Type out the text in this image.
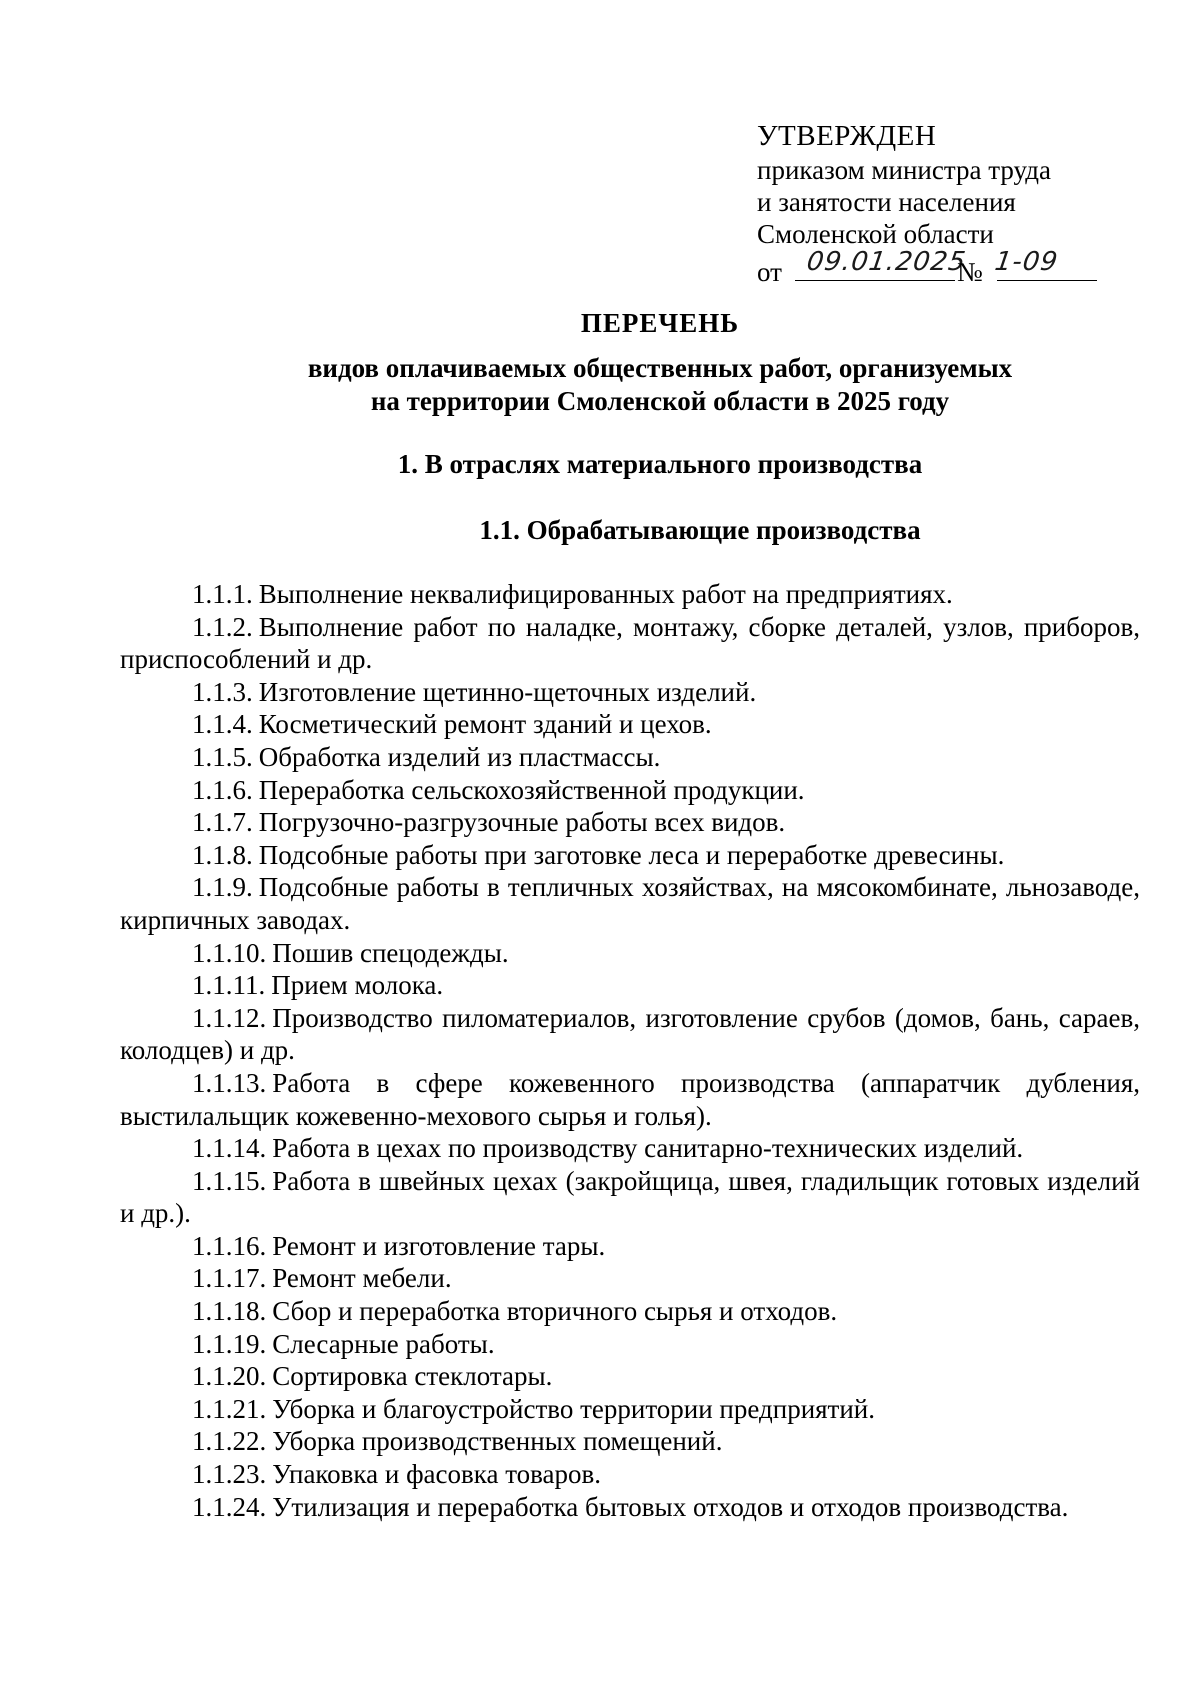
УТВЕРЖДЕН
приказом министра труда
и занятости населения
Смоленской области
от 09.01.2025
№ 1-09
ПЕРЕЧЕНЬ
видов оплачиваемых общественных работ, организуемых
на территории Смоленской области в 2025 году
1. В отраслях материального производства
1.1. Обрабатывающие производства

1.1.1. Выполнение неквалифицированных работ на предприятиях.

1.1.2. Выполнение работ по наладке, монтажу, сборке деталей, узлов, приборов, приспособлений и др.

1.1.3. Изготовление щетинно-щеточных изделий.

1.1.4. Косметический ремонт зданий и цехов.

1.1.5. Обработка изделий из пластмассы.

1.1.6. Переработка сельскохозяйственной продукции.

1.1.7. Погрузочно-разгрузочные работы всех видов.

1.1.8. Подсобные работы при заготовке леса и переработке древесины.

1.1.9. Подсобные работы в тепличных хозяйствах, на мясокомбинате, льнозаводе, кирпичных заводах.

1.1.10. Пошив спецодежды.

1.1.11. Прием молока.

1.1.12. Производство пиломатериалов, изготовление срубов (домов, бань, сараев, колодцев) и др.

1.1.13. Работа в сфере кожевенного производства (аппаратчик дубления, выстилальщик кожевенно-мехового сырья и голья).

1.1.14. Работа в цехах по производству санитарно-технических изделий.

1.1.15. Работа в швейных цехах (закройщица, швея, гладильщик готовых изделий и др.).

1.1.16. Ремонт и изготовление тары.

1.1.17. Ремонт мебели.

1.1.18. Сбор и переработка вторичного сырья и отходов.

1.1.19. Слесарные работы.

1.1.20. Сортировка стеклотары.

1.1.21. Уборка и благоустройство территории предприятий.

1.1.22. Уборка производственных помещений.

1.1.23. Упаковка и фасовка товаров.

1.1.24. Утилизация и переработка бытовых отходов и отходов производства.
